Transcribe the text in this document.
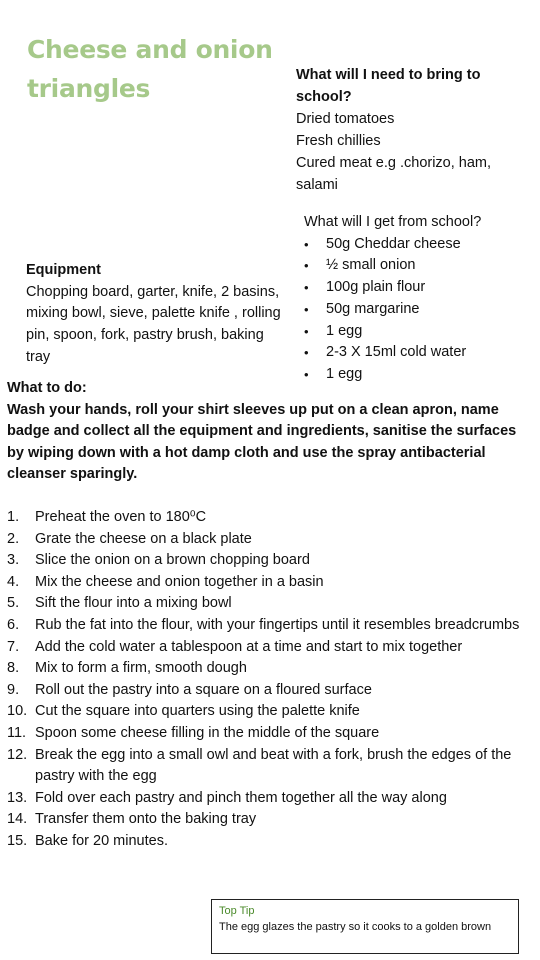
Cheese and onion triangles	What will I need to bring to school?
Dried tomatoes
Fresh chillies
Cured meat e.g .chorizo, ham, salami
What will I get from school?
• 50g Cheddar cheese
• ½ small onion
• 100g plain flour
• 50g margarine
• 1 egg
• 2-3 X 15ml cold water
• 1 egg
Equipment
Chopping board, garter, knife, 2 basins, mixing bowl, sieve, palette knife , rolling pin, spoon, fork, pastry brush, baking tray
What to do:
Wash your hands, roll your shirt sleeves up put on a clean apron, name badge and collect all the equipment and ingredients, sanitise the surfaces by wiping down with a hot damp cloth and use the spray antibacterial cleanser sparingly.
1.	Preheat the oven to 180⁰C
2.	Grate the cheese on a black plate
3.	Slice the onion on a brown chopping board
4.	Mix the cheese and onion together in a basin
5.	Sift the flour into a mixing bowl
6.	Rub the fat into the flour, with your fingertips until it resembles breadcrumbs
7.	Add the cold water a tablespoon at a time and start to mix together
8.	Mix to form a firm, smooth dough
9.	Roll out the pastry into a square on a floured surface
10. Cut the square into quarters using the palette knife
11. Spoon some cheese filling in the middle of the square
12. Break the egg into a small owl and beat with a fork, brush the edges of the pastry with the egg
13. Fold over each pastry and pinch them together all the way along
14. Transfer them onto the baking tray
15. Bake for 20 minutes.
Top Tip
The egg glazes the pastry so it cooks to a golden brown
